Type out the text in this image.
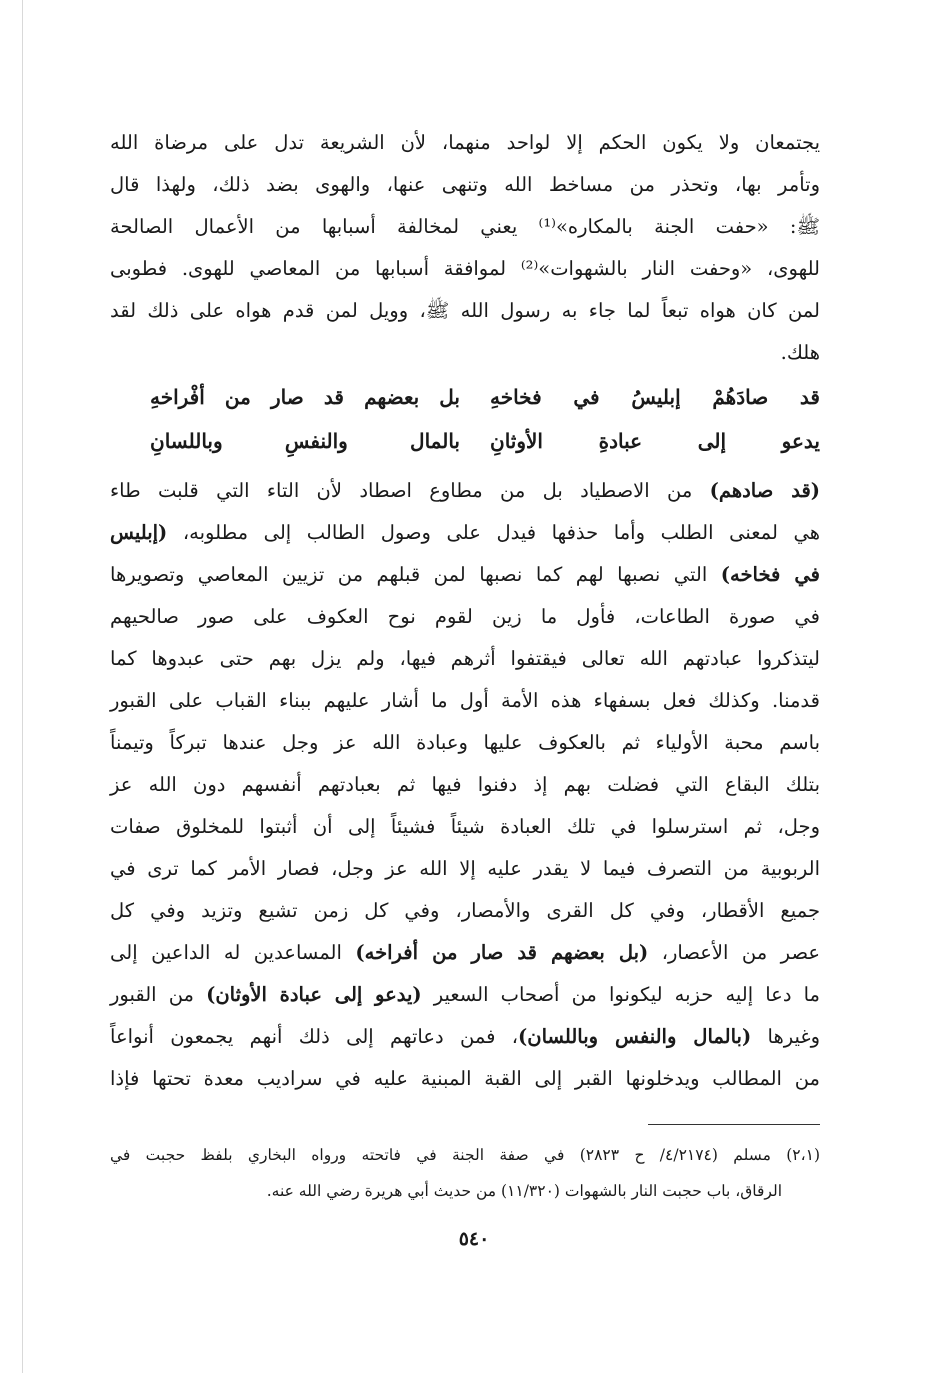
يجتمعان ولا يكون الحكم إلا لواحد منهما، لأن الشريعة تدل على مرضاة الله
وتأمر بها، وتحذر من مساخط الله وتنهى عنها، والهوى بضد ذلك، ولهذا قال
ﷺ: «حفت الجنة بالمكاره»⁽¹⁾ يعني لمخالفة أسبابها من الأعمال الصالحة
للهوى، «وحفت النار بالشهوات»⁽²⁾ لموافقة أسبابها من المعاصي للهوى. فطوبى
لمن كان هواه تبعاً لما جاء به رسول الله ﷺ، وويل لمن قدم هواه على ذلك لقد
هلك.
قد صادَهُمْ إبليسُ في فخاخهِ
بل بعضهم قد صار من أفْراخهِ
يدعو إلى عبادةِ الأوثانِ
بالمال والنفسِ وباللسانِ
(قد صادهم) من الاصطياد بل من مطاوع اصطاد لأن التاء التي قلبت طاء
هي لمعنى الطلب وأما حذفها فيدل على وصول الطالب إلى مطلوبه، (إبليس
في فخاخه) التي نصبها لهم كما نصبها لمن قبلهم من تزيين المعاصي وتصويرها
في صورة الطاعات، فأول ما زين لقوم نوح العكوف على صور صالحيهم
ليتذكروا عبادتهم الله تعالى فيقتفوا أثرهم فيها، ولم يزل بهم حتى عبدوها كما
قدمنا. وكذلك فعل بسفهاء هذه الأمة أول ما أشار عليهم ببناء القباب على القبور
باسم محبة الأولياء ثم بالعكوف عليها وعبادة الله عز وجل عندها تبركاً وتيمناً
بتلك البقاع التي فضلت بهم إذ دفنوا فيها ثم بعبادتهم أنفسهم دون الله عز
وجل، ثم استرسلوا في تلك العبادة شيئاً فشيئاً إلى أن أثبتوا للمخلوق صفات
الربوبية من التصرف فيما لا يقدر عليه إلا الله عز وجل، فصار الأمر كما ترى في
جميع الأقطار، وفي كل القرى والأمصار، وفي كل زمن تشيع وتزيد وفي كل
عصر من الأعصار، (بل بعضهم قد صار من أفراخه) المساعدين له الداعين إلى
ما دعا إليه حزبه ليكونوا من أصحاب السعير (يدعو إلى عبادة الأوثان) من القبور
وغيرها (بالمال والنفس وباللسان)، فمن دعاتهم إلى ذلك أنهم يجمعون أنواعاً
من المطالب ويدخلونها القبر إلى القبة المبنية عليه في سراديب معدة تحتها فإذا
(٢،١) مسلم (٤/٢١٧٤/ ح ٢٨٢٣) في صفة الجنة في فاتحته ورواه البخاري بلفظ حجبت في
الرقاق، باب حجبت النار بالشهوات (١١/٣٢٠) من حديث أبي هريرة رضي الله عنه.
٥٤٠
